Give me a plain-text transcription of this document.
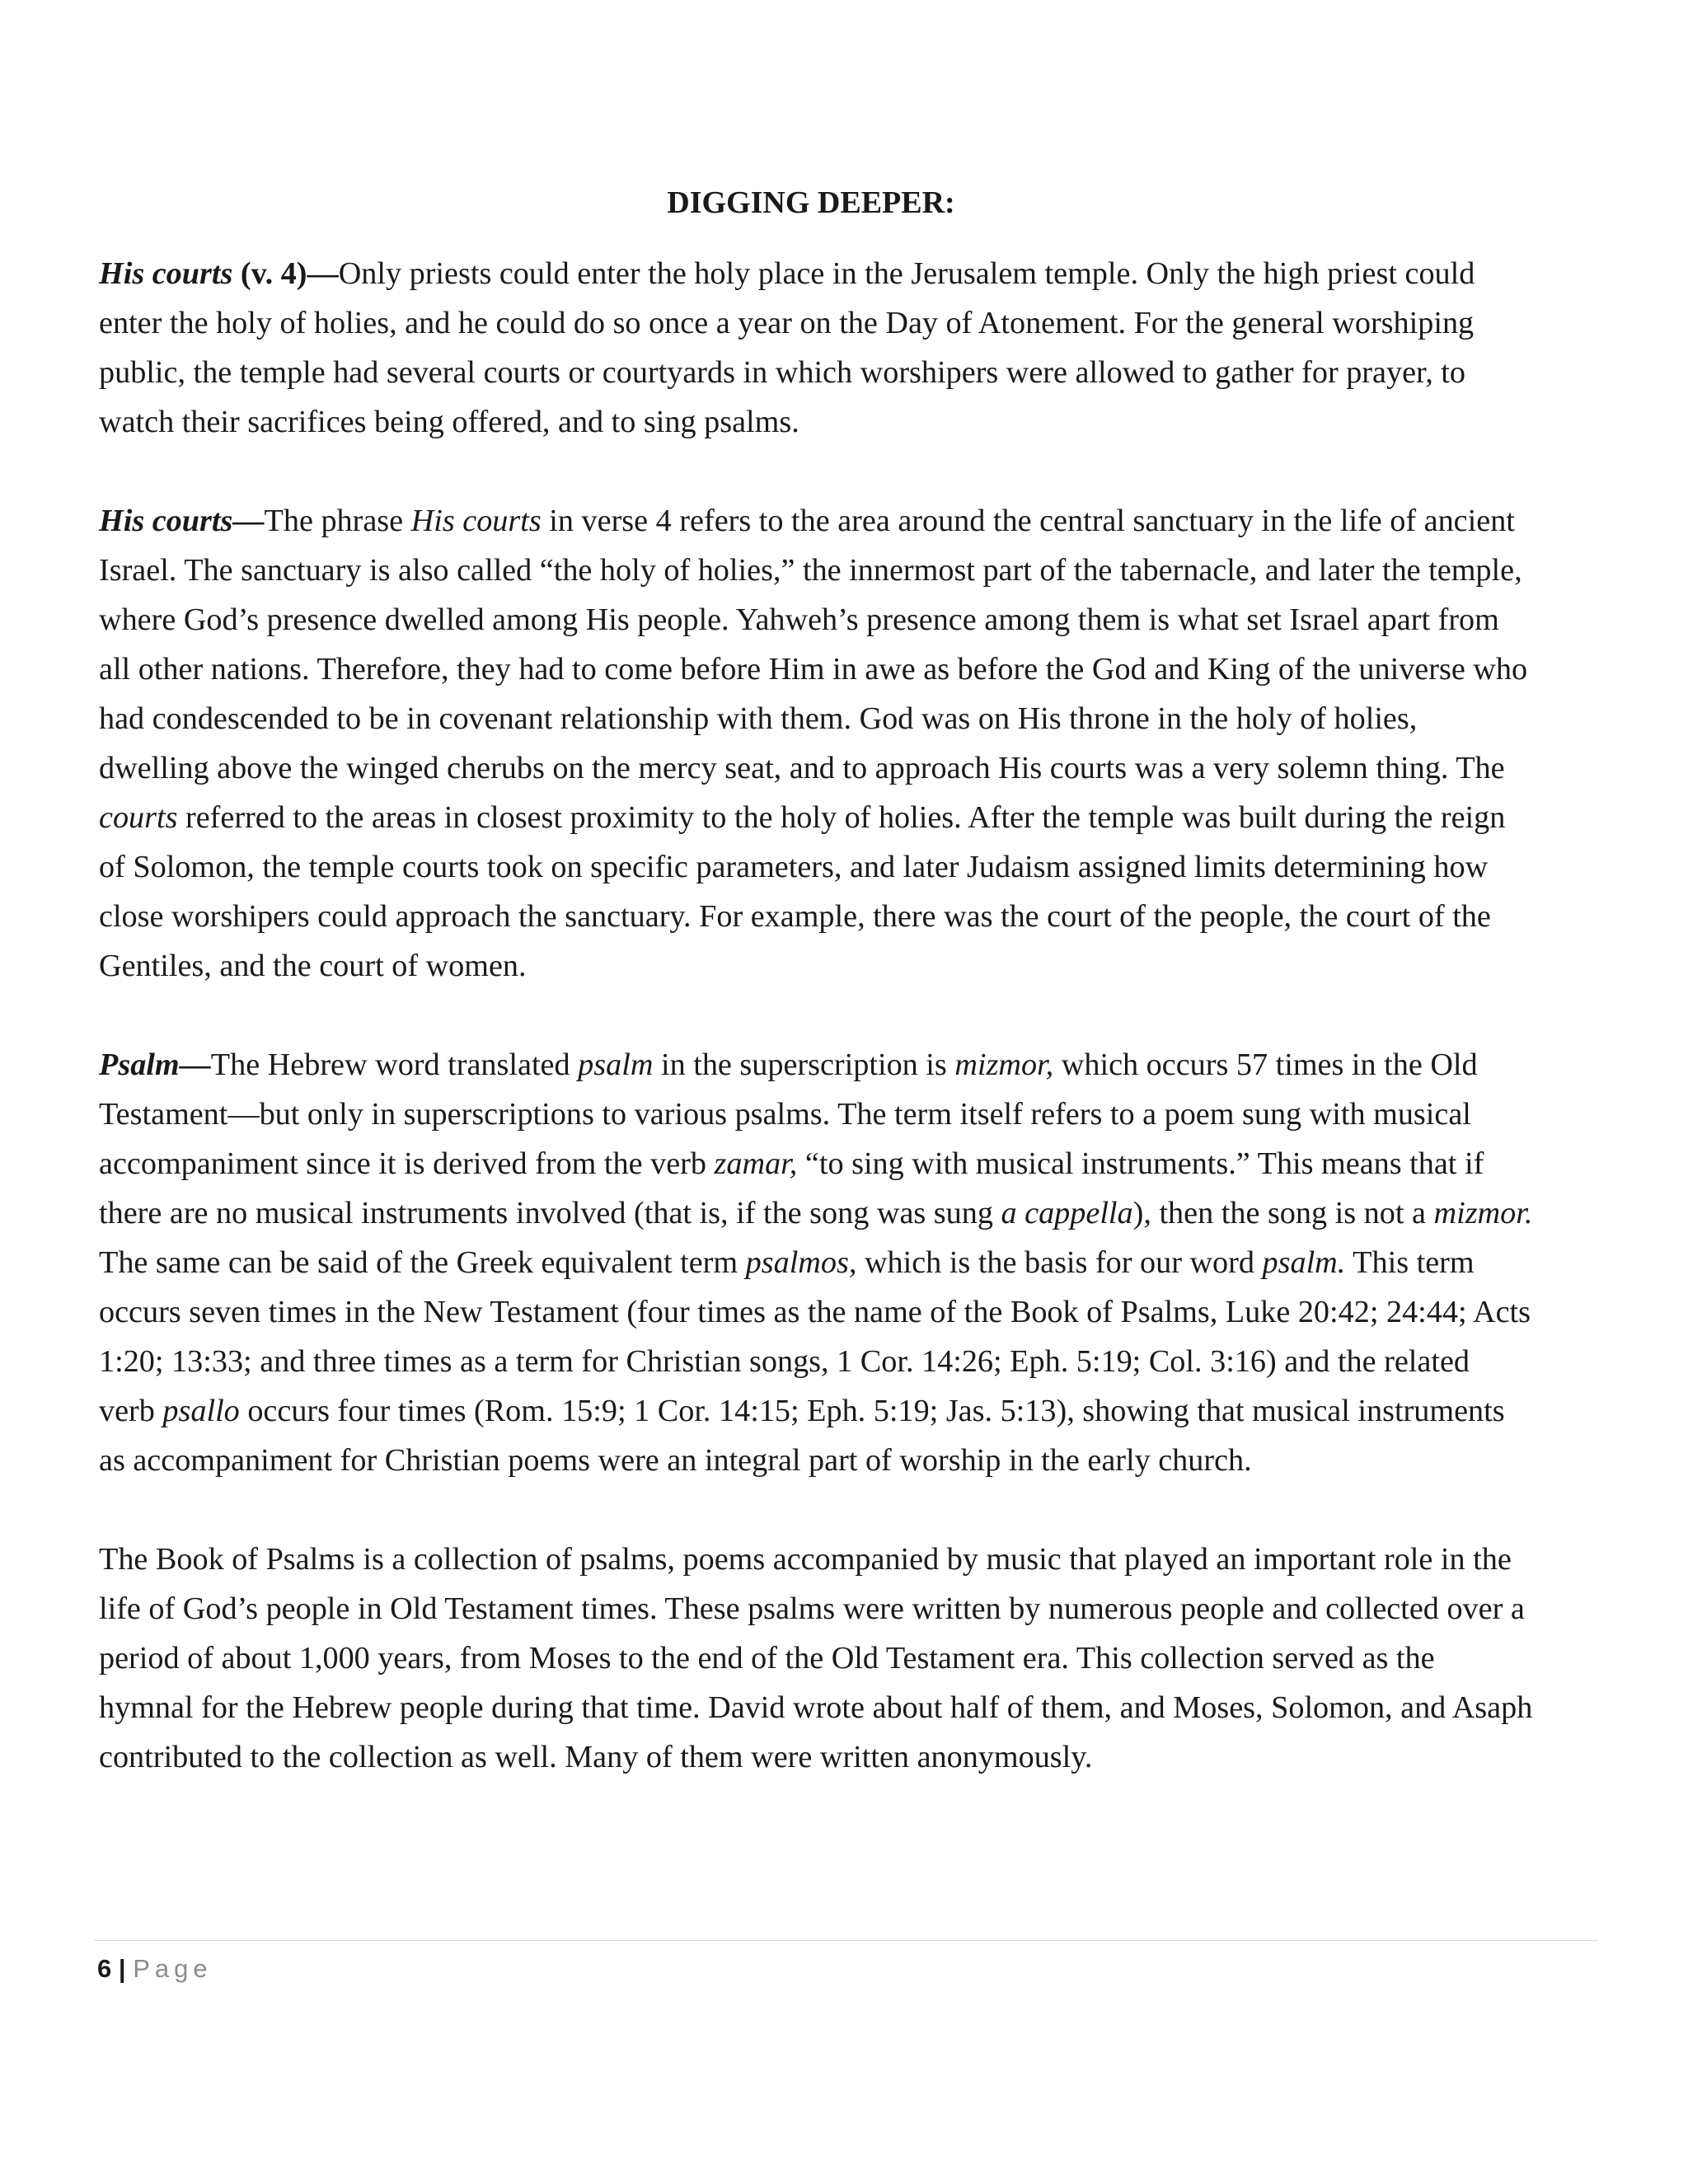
DIGGING DEEPER:

His courts (v. 4)—Only priests could enter the holy place in the Jerusalem temple. Only the high priest could enter the holy of holies, and he could do so once a year on the Day of Atonement. For the general worshiping public, the temple had several courts or courtyards in which worshipers were allowed to gather for prayer, to watch their sacrifices being offered, and to sing psalms.

His courts—The phrase His courts in verse 4 refers to the area around the central sanctuary in the life of ancient Israel. The sanctuary is also called “the holy of holies,” the innermost part of the tabernacle, and later the temple, where God’s presence dwelled among His people. Yahweh’s presence among them is what set Israel apart from all other nations. Therefore, they had to come before Him in awe as before the God and King of the universe who had condescended to be in covenant relationship with them. God was on His throne in the holy of holies, dwelling above the winged cherubs on the mercy seat, and to approach His courts was a very solemn thing. The courts referred to the areas in closest proximity to the holy of holies. After the temple was built during the reign of Solomon, the temple courts took on specific parameters, and later Judaism assigned limits determining how close worshipers could approach the sanctuary. For example, there was the court of the people, the court of the Gentiles, and the court of women.

Psalm—The Hebrew word translated psalm in the superscription is mizmor, which occurs 57 times in the Old Testament—but only in superscriptions to various psalms. The term itself refers to a poem sung with musical accompaniment since it is derived from the verb zamar, “to sing with musical instruments.” This means that if there are no musical instruments involved (that is, if the song was sung a cappella), then the song is not a mizmor. The same can be said of the Greek equivalent term psalmos, which is the basis for our word psalm. This term occurs seven times in the New Testament (four times as the name of the Book of Psalms, Luke 20:42; 24:44; Acts 1:20; 13:33; and three times as a term for Christian songs, 1 Cor. 14:26; Eph. 5:19; Col. 3:16) and the related verb psallo occurs four times (Rom. 15:9; 1 Cor. 14:15; Eph. 5:19; Jas. 5:13), showing that musical instruments as accompaniment for Christian poems were an integral part of worship in the early church.

The Book of Psalms is a collection of psalms, poems accompanied by music that played an important role in the life of God’s people in Old Testament times. These psalms were written by numerous people and collected over a period of about 1,000 years, from Moses to the end of the Old Testament era. This collection served as the hymnal for the Hebrew people during that time. David wrote about half of them, and Moses, Solomon, and Asaph contributed to the collection as well. Many of them were written anonymously.

6 | Page
